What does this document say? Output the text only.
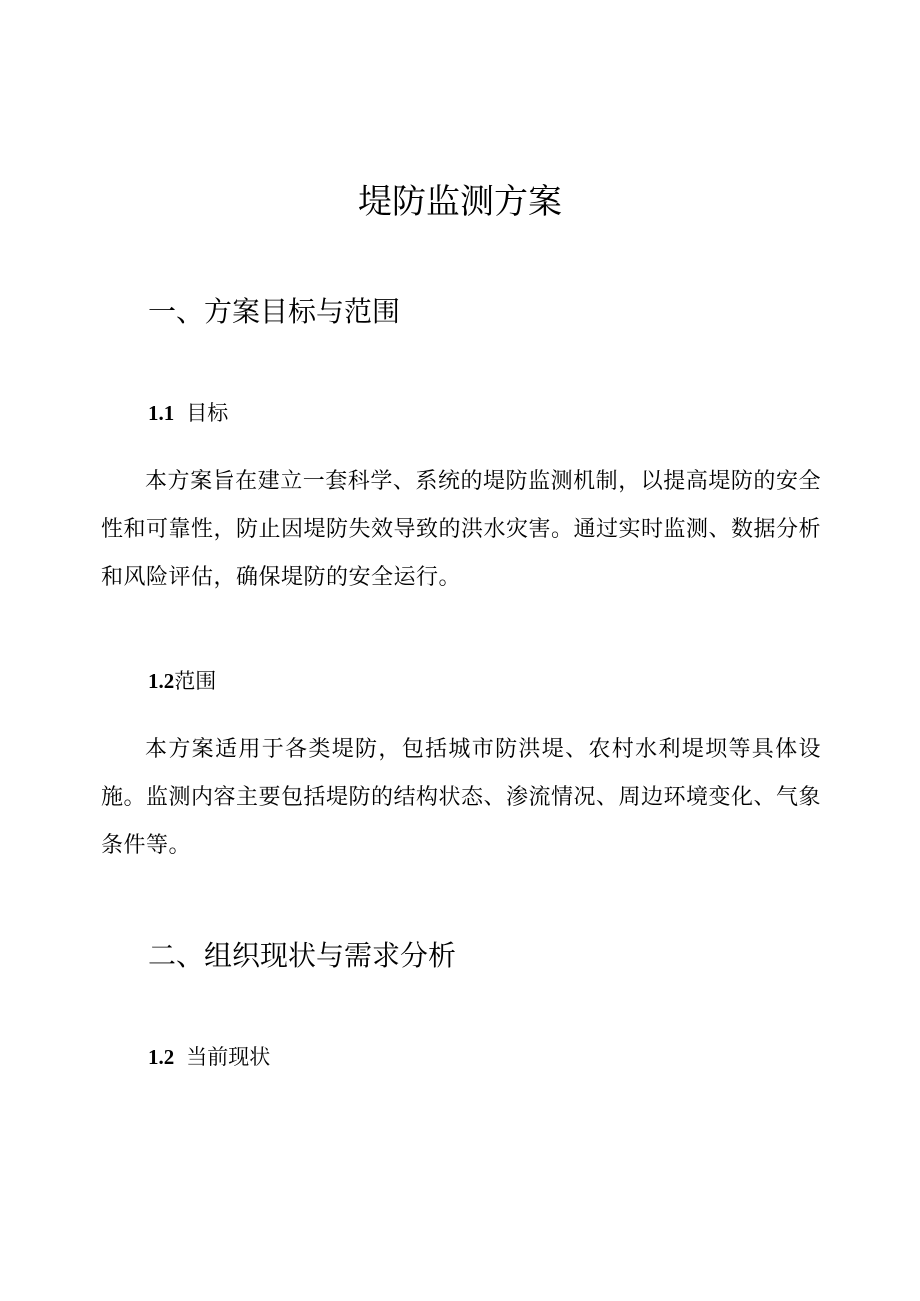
堤防监测方案
一、方案目标与范围
1.1 目标

本方案旨在建立一套科学、系统的堤防监测机制，以提高堤防的安全性和可靠性，防止因堤防失效导致的洪水灾害。通过实时监测、数据分析和风险评估，确保堤防的安全运行。

1.2范围

本方案适用于各类堤防，包括城市防洪堤、农村水利堤坝等具体设施。监测内容主要包括堤防的结构状态、渗流情况、周边环境变化、气象条件等。

二、组织现状与需求分析
1.2 当前现状
